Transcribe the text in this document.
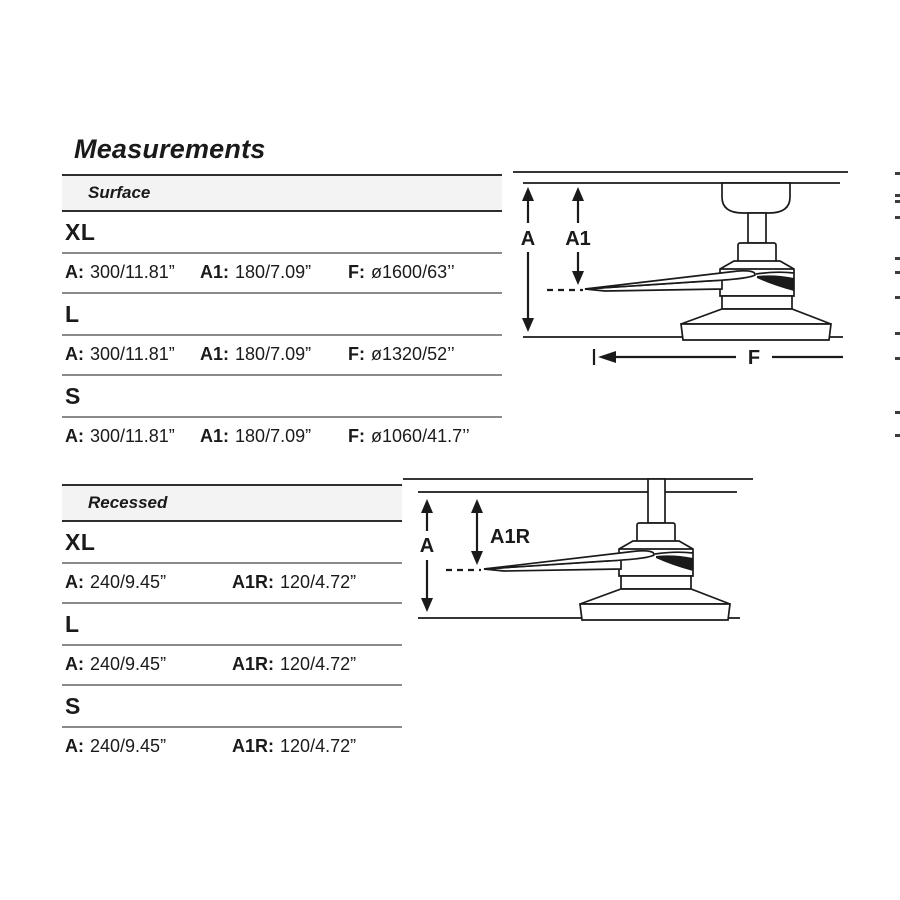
Measurements
Surface
XL
A: 300/11.81” A1: 180/7.09” F: ø1600/63’’
L
A: 300/11.81” A1: 180/7.09” F: ø1320/52’’
S
A: 300/11.81” A1: 180/7.09” F: ø1060/41.7’’
A A1
F
Recessed
XL
A: 240/9.45”	A1R: 120/4.72”
L
A: 240/9.45”	A1R: 120/4.72”
S
A: 240/9.45”	A1R: 120/4.72”
A	A1R
